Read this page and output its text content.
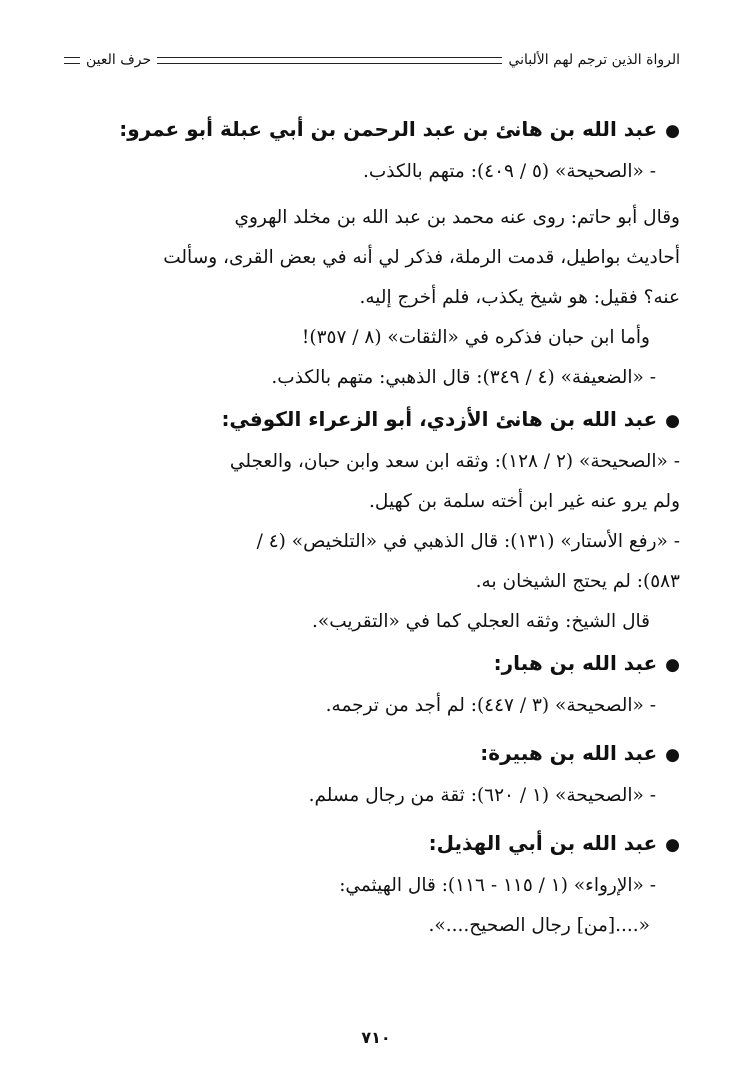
الرواة الذين ترجم لهم الألباني
حرف العين
●عبد الله بن هانئ بن عبد الرحمن بن أبي عبلة أبو عمرو:

- «الصحيحة» (٥ / ٤٠٩): متهم بالكذب.

وقال أبو حاتم: روى عنه محمد بن عبد الله بن مخلد الهروي

أحاديث بواطيل، قدمت الرملة، فذكر لي أنه في بعض القرى، وسألت

عنه؟ فقيل: هو شيخ يكذب، فلم أخرج إليه.

وأما ابن حبان فذكره في «الثقات» (٨ / ٣٥٧)!

- «الضعيفة» (٤ / ٣٤٩): قال الذهبي: متهم بالكذب.

●عبد الله بن هانئ الأزدي، أبو الزعراء الكوفي:

- «الصحيحة» (٢ / ١٢٨): وثقه ابن سعد وابن حبان، والعجلي

ولم يرو عنه غير ابن أخته سلمة بن كهيل.

- «رفع الأستار» (١٣١): قال الذهبي في «التلخيص» (٤ /

٥٨٣): لم يحتج الشيخان به.

قال الشيخ: وثقه العجلي كما في «التقريب».

●عبد الله بن هبار:

- «الصحيحة» (٣ / ٤٤٧): لم أجد من ترجمه.

●عبد الله بن هبيرة:

- «الصحيحة» (١ / ٦٢٠): ثقة من رجال مسلم.

●عبد الله بن أبي الهذيل:

- «الإرواء» (١ / ١١٥ - ١١٦): قال الهيثمي:

«....[من] رجال الصحيح....».

٧١٠
